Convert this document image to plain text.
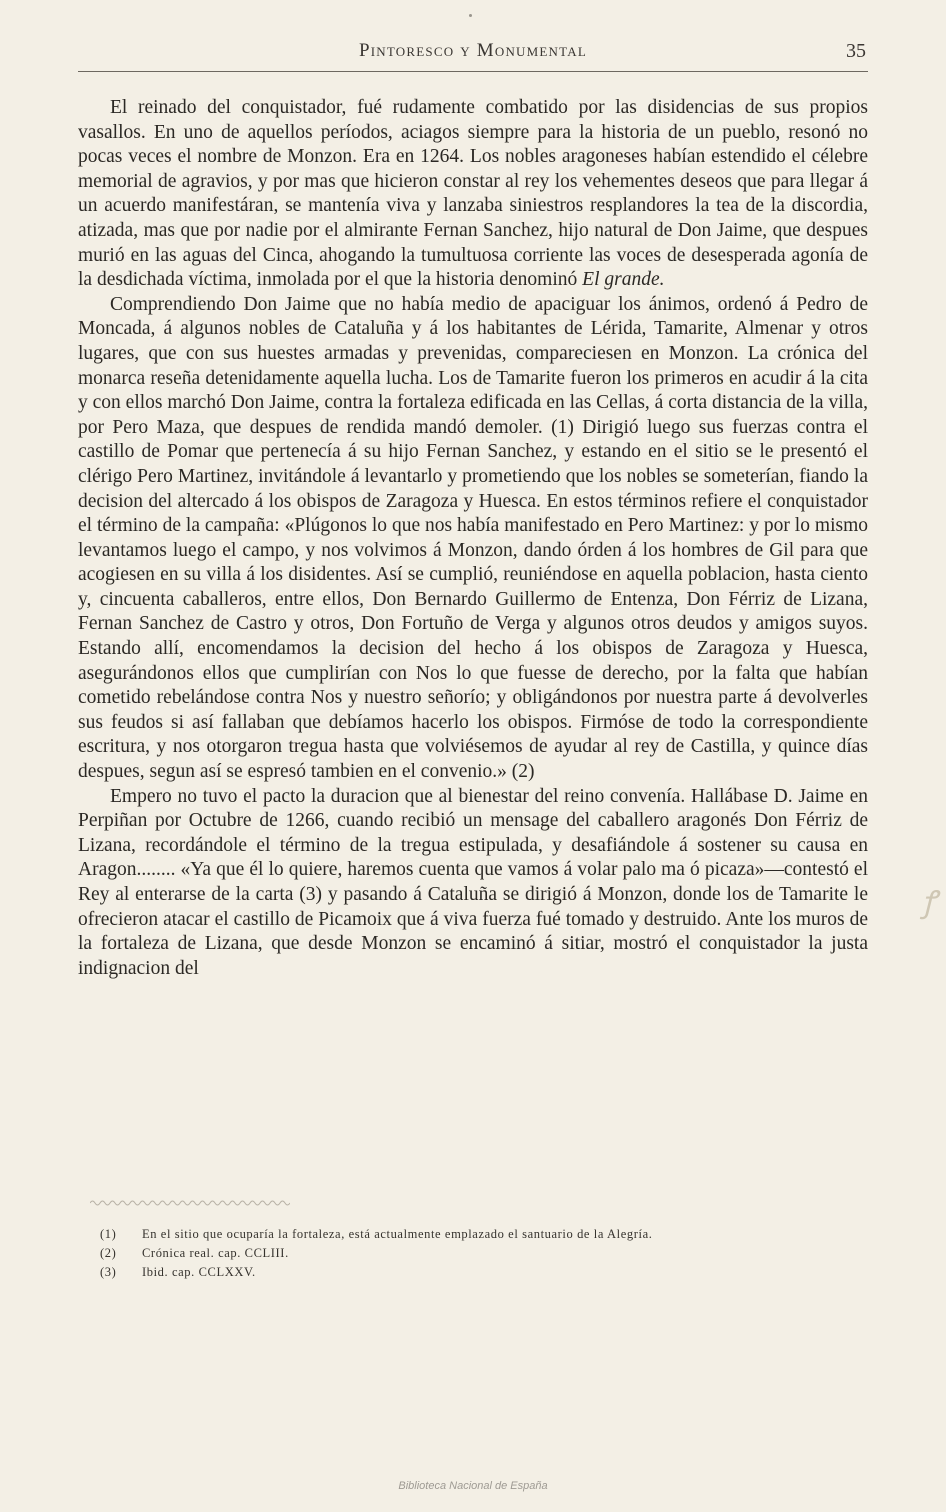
Pintoresco y Monumental	35

El reinado del conquistador, fué rudamente combatido por las disidencias de sus propios vasallos. En uno de aquellos períodos, aciagos siempre para la historia de un pueblo, resonó no pocas veces el nombre de Monzon. Era en 1264. Los nobles aragoneses habían estendido el célebre memorial de agravios, y por mas que hicieron constar al rey los vehementes deseos que para llegar á un acuerdo manifestáran, se mantenía viva y lanzaba siniestros resplandores la tea de la discordia, atizada, mas que por nadie por el almirante Fernan Sanchez, hijo natural de Don Jaime, que despues murió en las aguas del Cinca, ahogando la tumultuosa corriente las voces de desesperada agonía de la desdichada víctima, inmolada por el que la historia denominó El grande.

Comprendiendo Don Jaime que no había medio de apaciguar los ánimos, ordenó á Pedro de Moncada, á algunos nobles de Cataluña y á los habitantes de Lérida, Tamarite, Almenar y otros lugares, que con sus huestes armadas y prevenidas, compareciesen en Monzon. La crónica del monarca reseña detenidamente aquella lucha. Los de Tamarite fueron los primeros en acudir á la cita y con ellos marchó Don Jaime, contra la fortaleza edificada en las Cellas, á corta distancia de la villa, por Pero Maza, que despues de rendida mandó demoler. (1) Dirigió luego sus fuerzas contra el castillo de Pomar que pertenecía á su hijo Fernan Sanchez, y estando en el sitio se le presentó el clérigo Pero Martinez, invitándole á levantarlo y prometiendo que los nobles se someterían, fiando la decision del altercado á los obispos de Zaragoza y Huesca. En estos términos refiere el conquistador el término de la campaña: «Plúgonos lo que nos había manifestado en Pero Martinez: y por lo mismo levantamos luego el campo, y nos volvimos á Monzon, dando órden á los hombres de Gil para que acogiesen en su villa á los disidentes. Así se cumplió, reuniéndose en aquella poblacion, hasta ciento y, cincuenta caballeros, entre ellos, Don Bernardo Guillermo de Entenza, Don Férriz de Lizana, Fernan Sanchez de Castro y otros, Don Fortuño de Verga y algunos otros deudos y amigos suyos. Estando allí, encomendamos la decision del hecho á los obispos de Zaragoza y Huesca, asegurándonos ellos que cumplirían con Nos lo que fuesse de derecho, por la falta que habían cometido rebelándose contra Nos y nuestro señorío; y obligándonos por nuestra parte á devolverles sus feudos si así fallaban que debíamos hacerlo los obispos. Firmóse de todo la correspondiente escritura, y nos otorgaron tregua hasta que volviésemos de ayudar al rey de Castilla, y quince días despues, segun así se espresó tambien en el convenio.» (2)

Empero no tuvo el pacto la duracion que al bienestar del reino convenía. Hallábase D. Jaime en Perpiñan por Octubre de 1266, cuando recibió un mensage del caballero aragonés Don Férriz de Lizana, recordándole el término de la tregua estipulada, y desafiándole á sostener su causa en Aragon........ «Ya que él lo quiere, haremos cuenta que vamos á volar palo ma ó picaza»—contestó el Rey al enterarse de la carta (3) y pasando á Cataluña se dirigió á Monzon, donde los de Tamarite le ofrecieron atacar el castillo de Picamoix que á viva fuerza fué tomado y destruido. Ante los muros de la fortaleza de Lizana, que desde Monzon se encaminó á sitiar, mostró el conquistador la justa indignacion del

(1)	En el sitio que ocuparía la fortaleza, está actualmente emplazado el santuario de la Alegría.
(2)	Crónica real. cap. CCLIII.
(3)	Ibid. cap. CCLXXV.
ꝭ
Biblioteca Nacional de España
